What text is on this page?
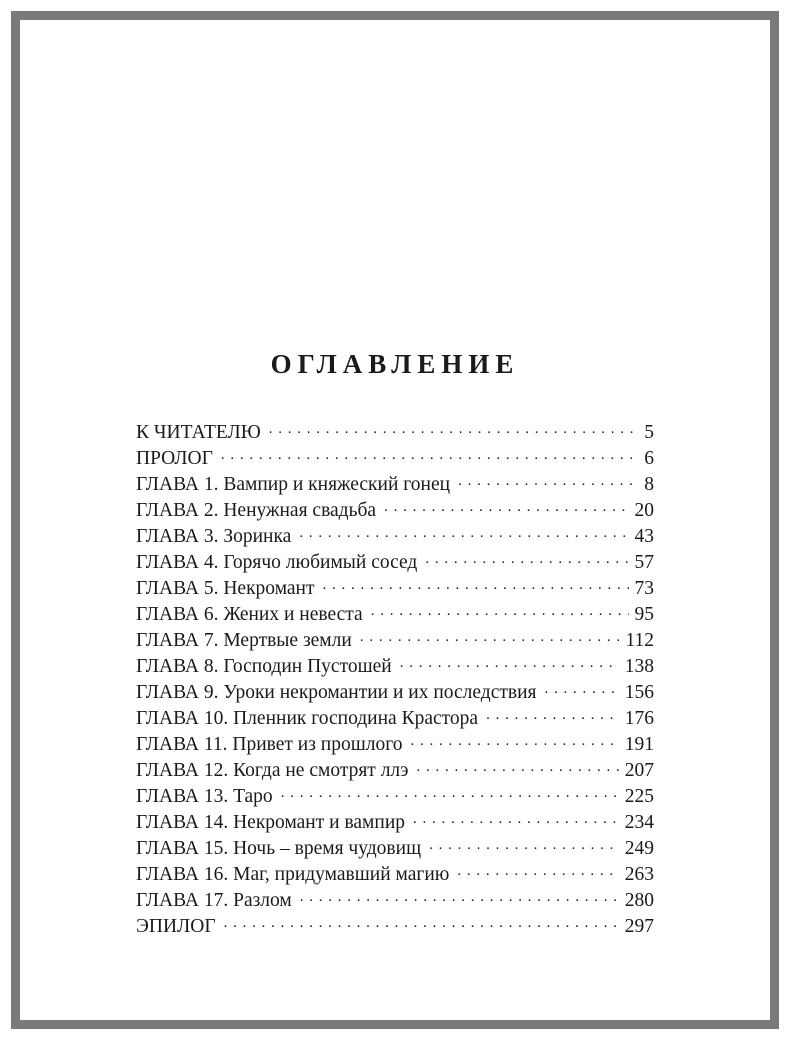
ОГЛАВЛЕНИЕ
К ЧИТАТЕЛЮ . . .	5
ПРОЛОГ . . .	6
ГЛАВА 1. Вампир и княжеский гонец . . .	8
ГЛАВА 2. Ненужная свадьба . . .	20
ГЛАВА 3. Зоринка . . .	43
ГЛАВА 4. Горячо любимый сосед . . .	57
ГЛАВА 5. Некромант . . .	73
ГЛАВА 6. Жених и невеста . . .	95
ГЛАВА 7. Мертвые земли . . .	112
ГЛАВА 8. Господин Пустошей . . .	138
ГЛАВА 9. Уроки некромантии и их последствия . . .	156
ГЛАВА 10. Пленник господина Крастора . . .	176
ГЛАВА 11. Привет из прошлого . . .	191
ГЛАВА 12. Когда не смотрят ллэ . . .	207
ГЛАВА 13. Таро . . .	225
ГЛАВА 14. Некромант и вампир . . .	234
ГЛАВА 15. Ночь – время чудовищ . . .	249
ГЛАВА 16. Маг, придумавший магию . . .	263
ГЛАВА 17. Разлом . . .	280
ЭПИЛОГ . . .	297
